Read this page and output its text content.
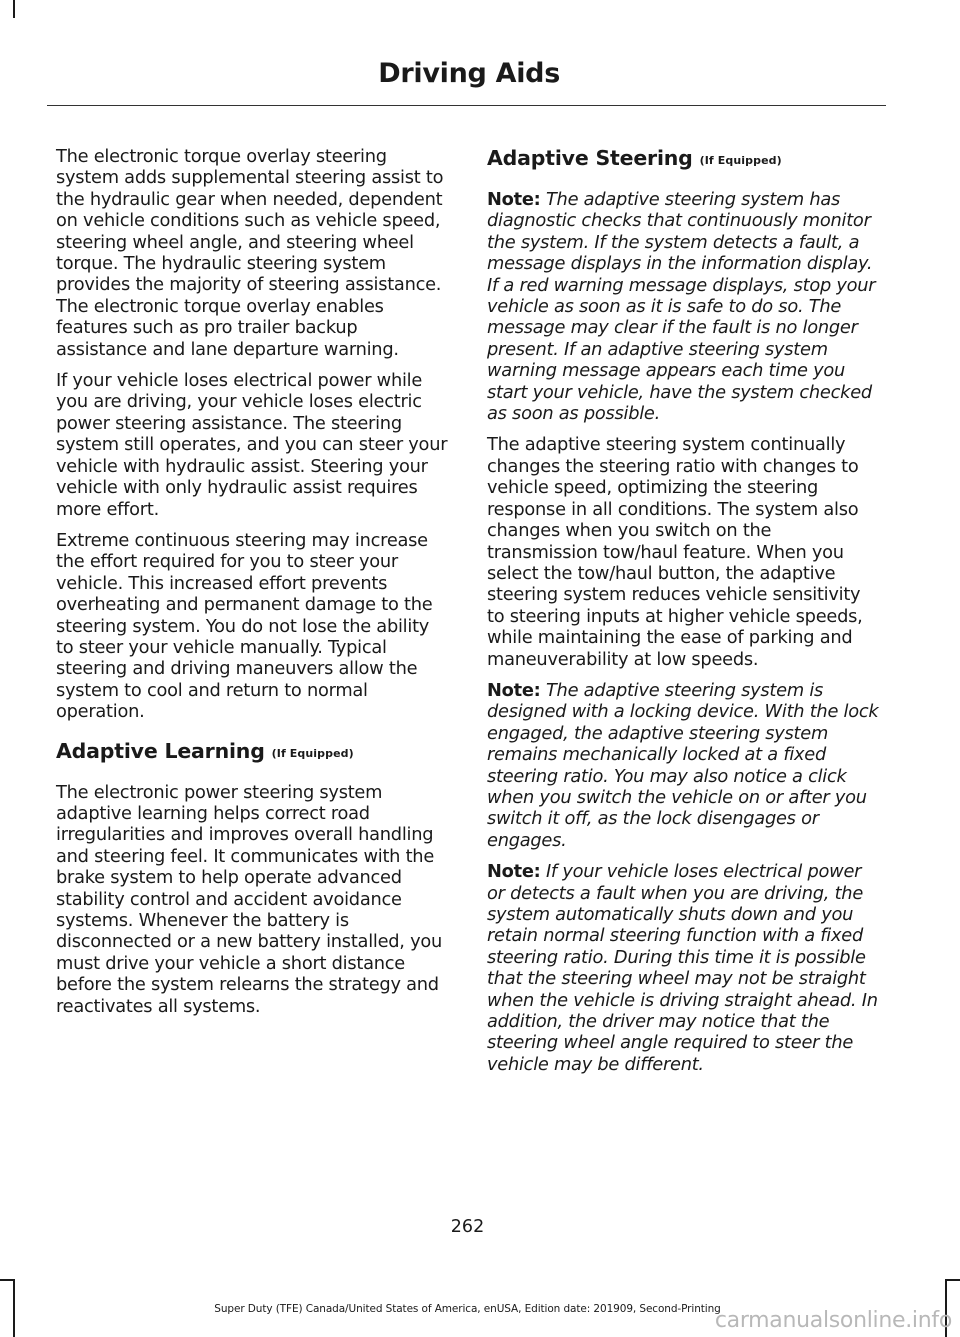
Driving Aids

The electronic torque overlay steering system adds supplemental steering assist to the hydraulic gear when needed, dependent on vehicle conditions such as vehicle speed, steering wheel angle, and steering wheel torque. The hydraulic steering system provides the majority of steering assistance. The electronic torque overlay enables features such as pro trailer backup assistance and lane departure warning.

If your vehicle loses electrical power while you are driving, your vehicle loses electric power steering assistance. The steering system still operates, and you can steer your vehicle with hydraulic assist. Steering your vehicle with only hydraulic assist requires more effort.

Extreme continuous steering may increase the effort required for you to steer your vehicle. This increased effort prevents overheating and permanent damage to the steering system. You do not lose the ability to steer your vehicle manually. Typical steering and driving maneuvers allow the system to cool and return to normal operation.

Adaptive Learning (If Equipped)

The electronic power steering system adaptive learning helps correct road irregularities and improves overall handling and steering feel. It communicates with the brake system to help operate advanced stability control and accident avoidance systems. Whenever the battery is disconnected or a new battery installed, you must drive your vehicle a short distance before the system relearns the strategy and reactivates all systems.

Adaptive Steering (If Equipped)

Note: The adaptive steering system has diagnostic checks that continuously monitor the system. If the system detects a fault, a message displays in the information display. If a red warning message displays, stop your vehicle as soon as it is safe to do so. The message may clear if the fault is no longer present. If an adaptive steering system warning message appears each time you start your vehicle, have the system checked as soon as possible.

The adaptive steering system continually changes the steering ratio with changes to vehicle speed, optimizing the steering response in all conditions. The system also changes when you switch on the transmission tow/haul feature. When you select the tow/haul button, the adaptive steering system reduces vehicle sensitivity to steering inputs at higher vehicle speeds, while maintaining the ease of parking and maneuverability at low speeds.

Note: The adaptive steering system is designed with a locking device. With the lock engaged, the adaptive steering system remains mechanically locked at a fixed steering ratio. You may also notice a click when you switch the vehicle on or after you switch it off, as the lock disengages or engages.

Note: If your vehicle loses electrical power or detects a fault when you are driving, the system automatically shuts down and you retain normal steering function with a fixed steering ratio. During this time it is possible that the steering wheel may not be straight when the vehicle is driving straight ahead. In addition, the driver may notice that the steering wheel angle required to steer the vehicle may be different.

262
Super Duty (TFE) Canada/United States of America, enUSA, Edition date: 201909, Second-Printing
carmanualsonline.info
